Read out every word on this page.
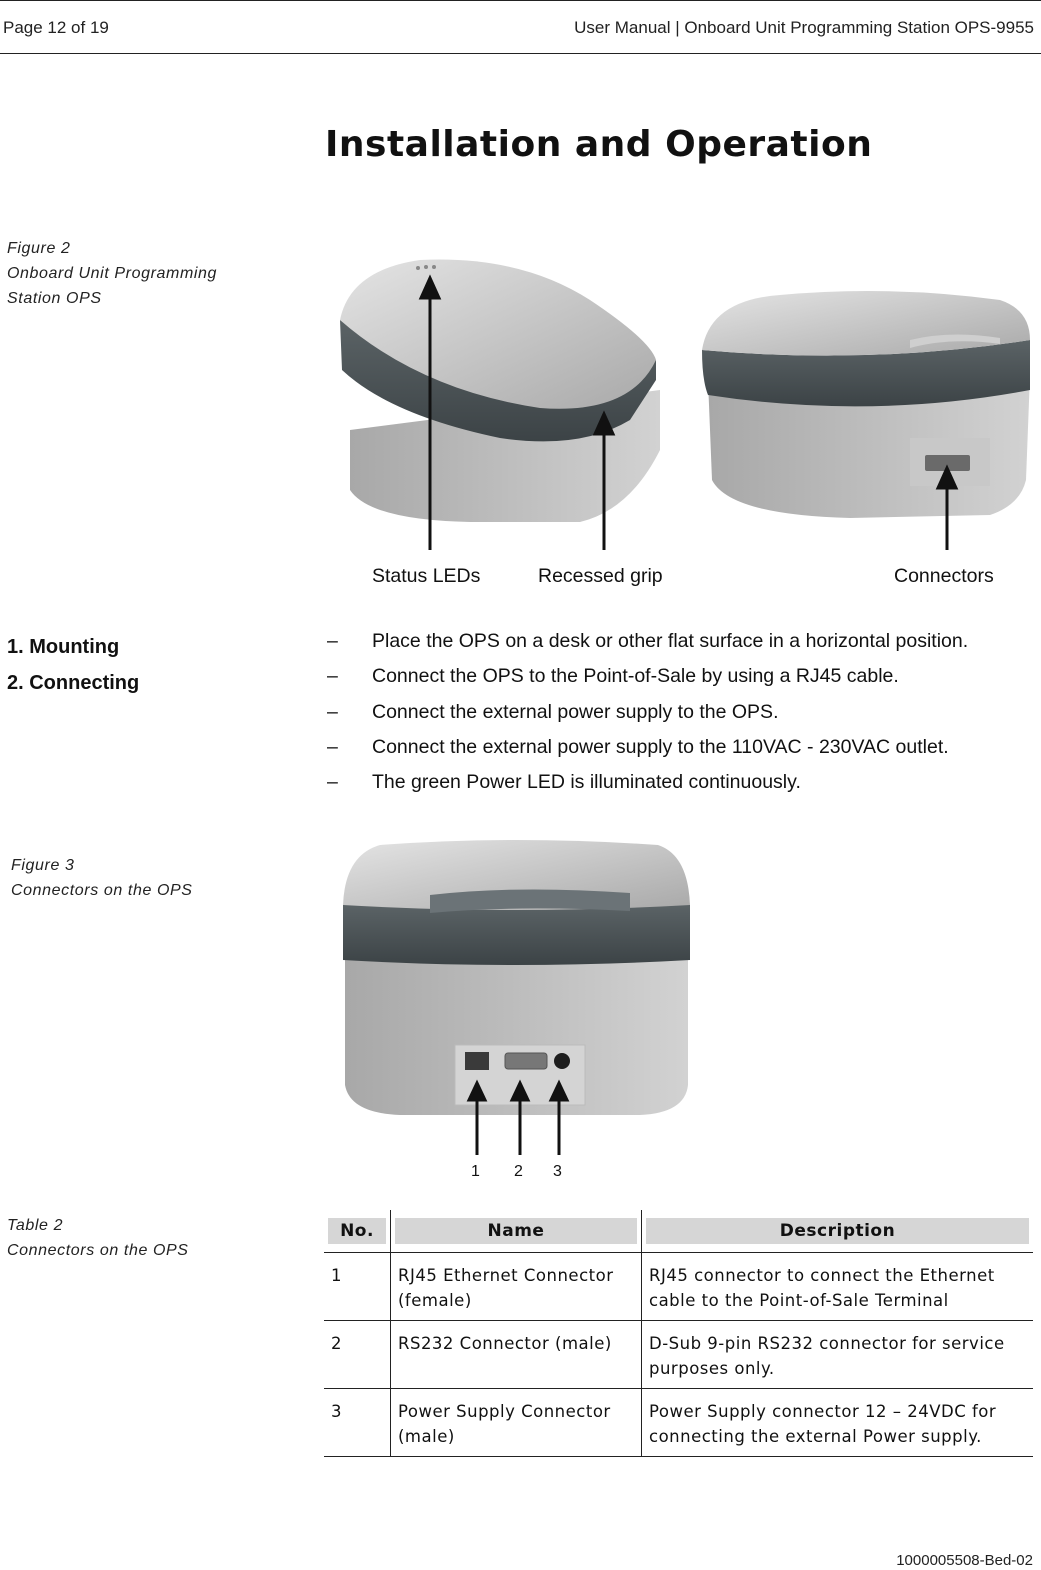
Page 12 of 19	User Manual | Onboard Unit Programming Station OPS-9955
Installation and Operation
Figure 2
Onboard Unit Programming
Station OPS
Status LEDs	Recessed grip	Connectors
1. Mounting
2. Connecting
–	Place the OPS on a desk or other flat surface in a horizontal position.
–	Connect the OPS to the Point-of-Sale by using a RJ45 cable.
–	Connect the external power supply to the OPS.
–	Connect the external power supply to the 110VAC - 230VAC outlet.
–	The green Power LED is illuminated continuously.
Figure 3
Connectors on the OPS
1 2 3
Table 2
Connectors on the OPS
No.	Name	Description

1	RJ45 Ethernet Connector (female)	RJ45 connector to connect the Ethernet cable to the Point-of-Sale Terminal
2	RS232 Connector (male)	D-Sub 9-pin RS232 connector for service purposes only.
3	Power Supply Connector (male)	Power Supply connector 12 – 24VDC for connecting the external Power supply.
1000005508-Bed-02
